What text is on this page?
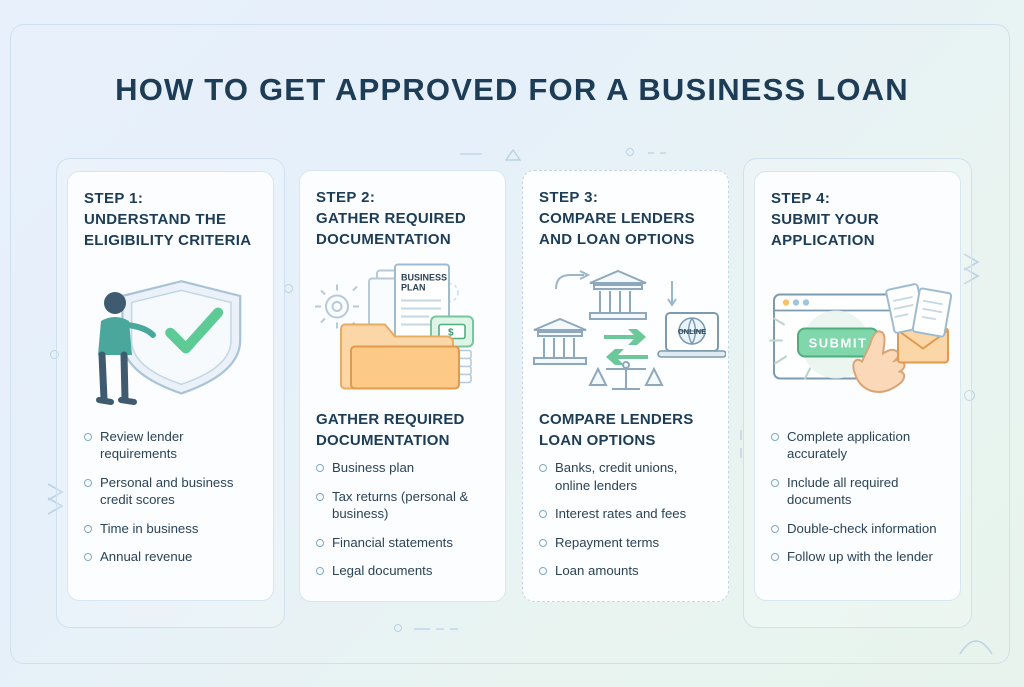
HOW TO GET APPROVED FOR A BUSINESS LOAN
STEP 1:
UNDERSTAND THE ELIGIBILITY CRITERIA
Review lender requirements
Personal and business credit scores
Time in business
Annual revenue
STEP 2:
GATHER REQUIRED DOCUMENTATION
BUSINESS
PLAN
$
GATHER REQUIRED DOCUMENTATION
Business plan
Tax returns (personal & business)
Financial statements
Legal documents
STEP 3:
COMPARE LENDERS AND LOAN OPTIONS
ONLINE
COMPARE LENDERS LOAN OPTIONS
Banks, credit unions, online lenders
Interest rates and fees
Repayment terms
Loan amounts
STEP 4:
SUBMIT YOUR APPLICATION
SUBMIT
Complete application accurately
Include all required documents
Double-check information
Follow up with the lender
